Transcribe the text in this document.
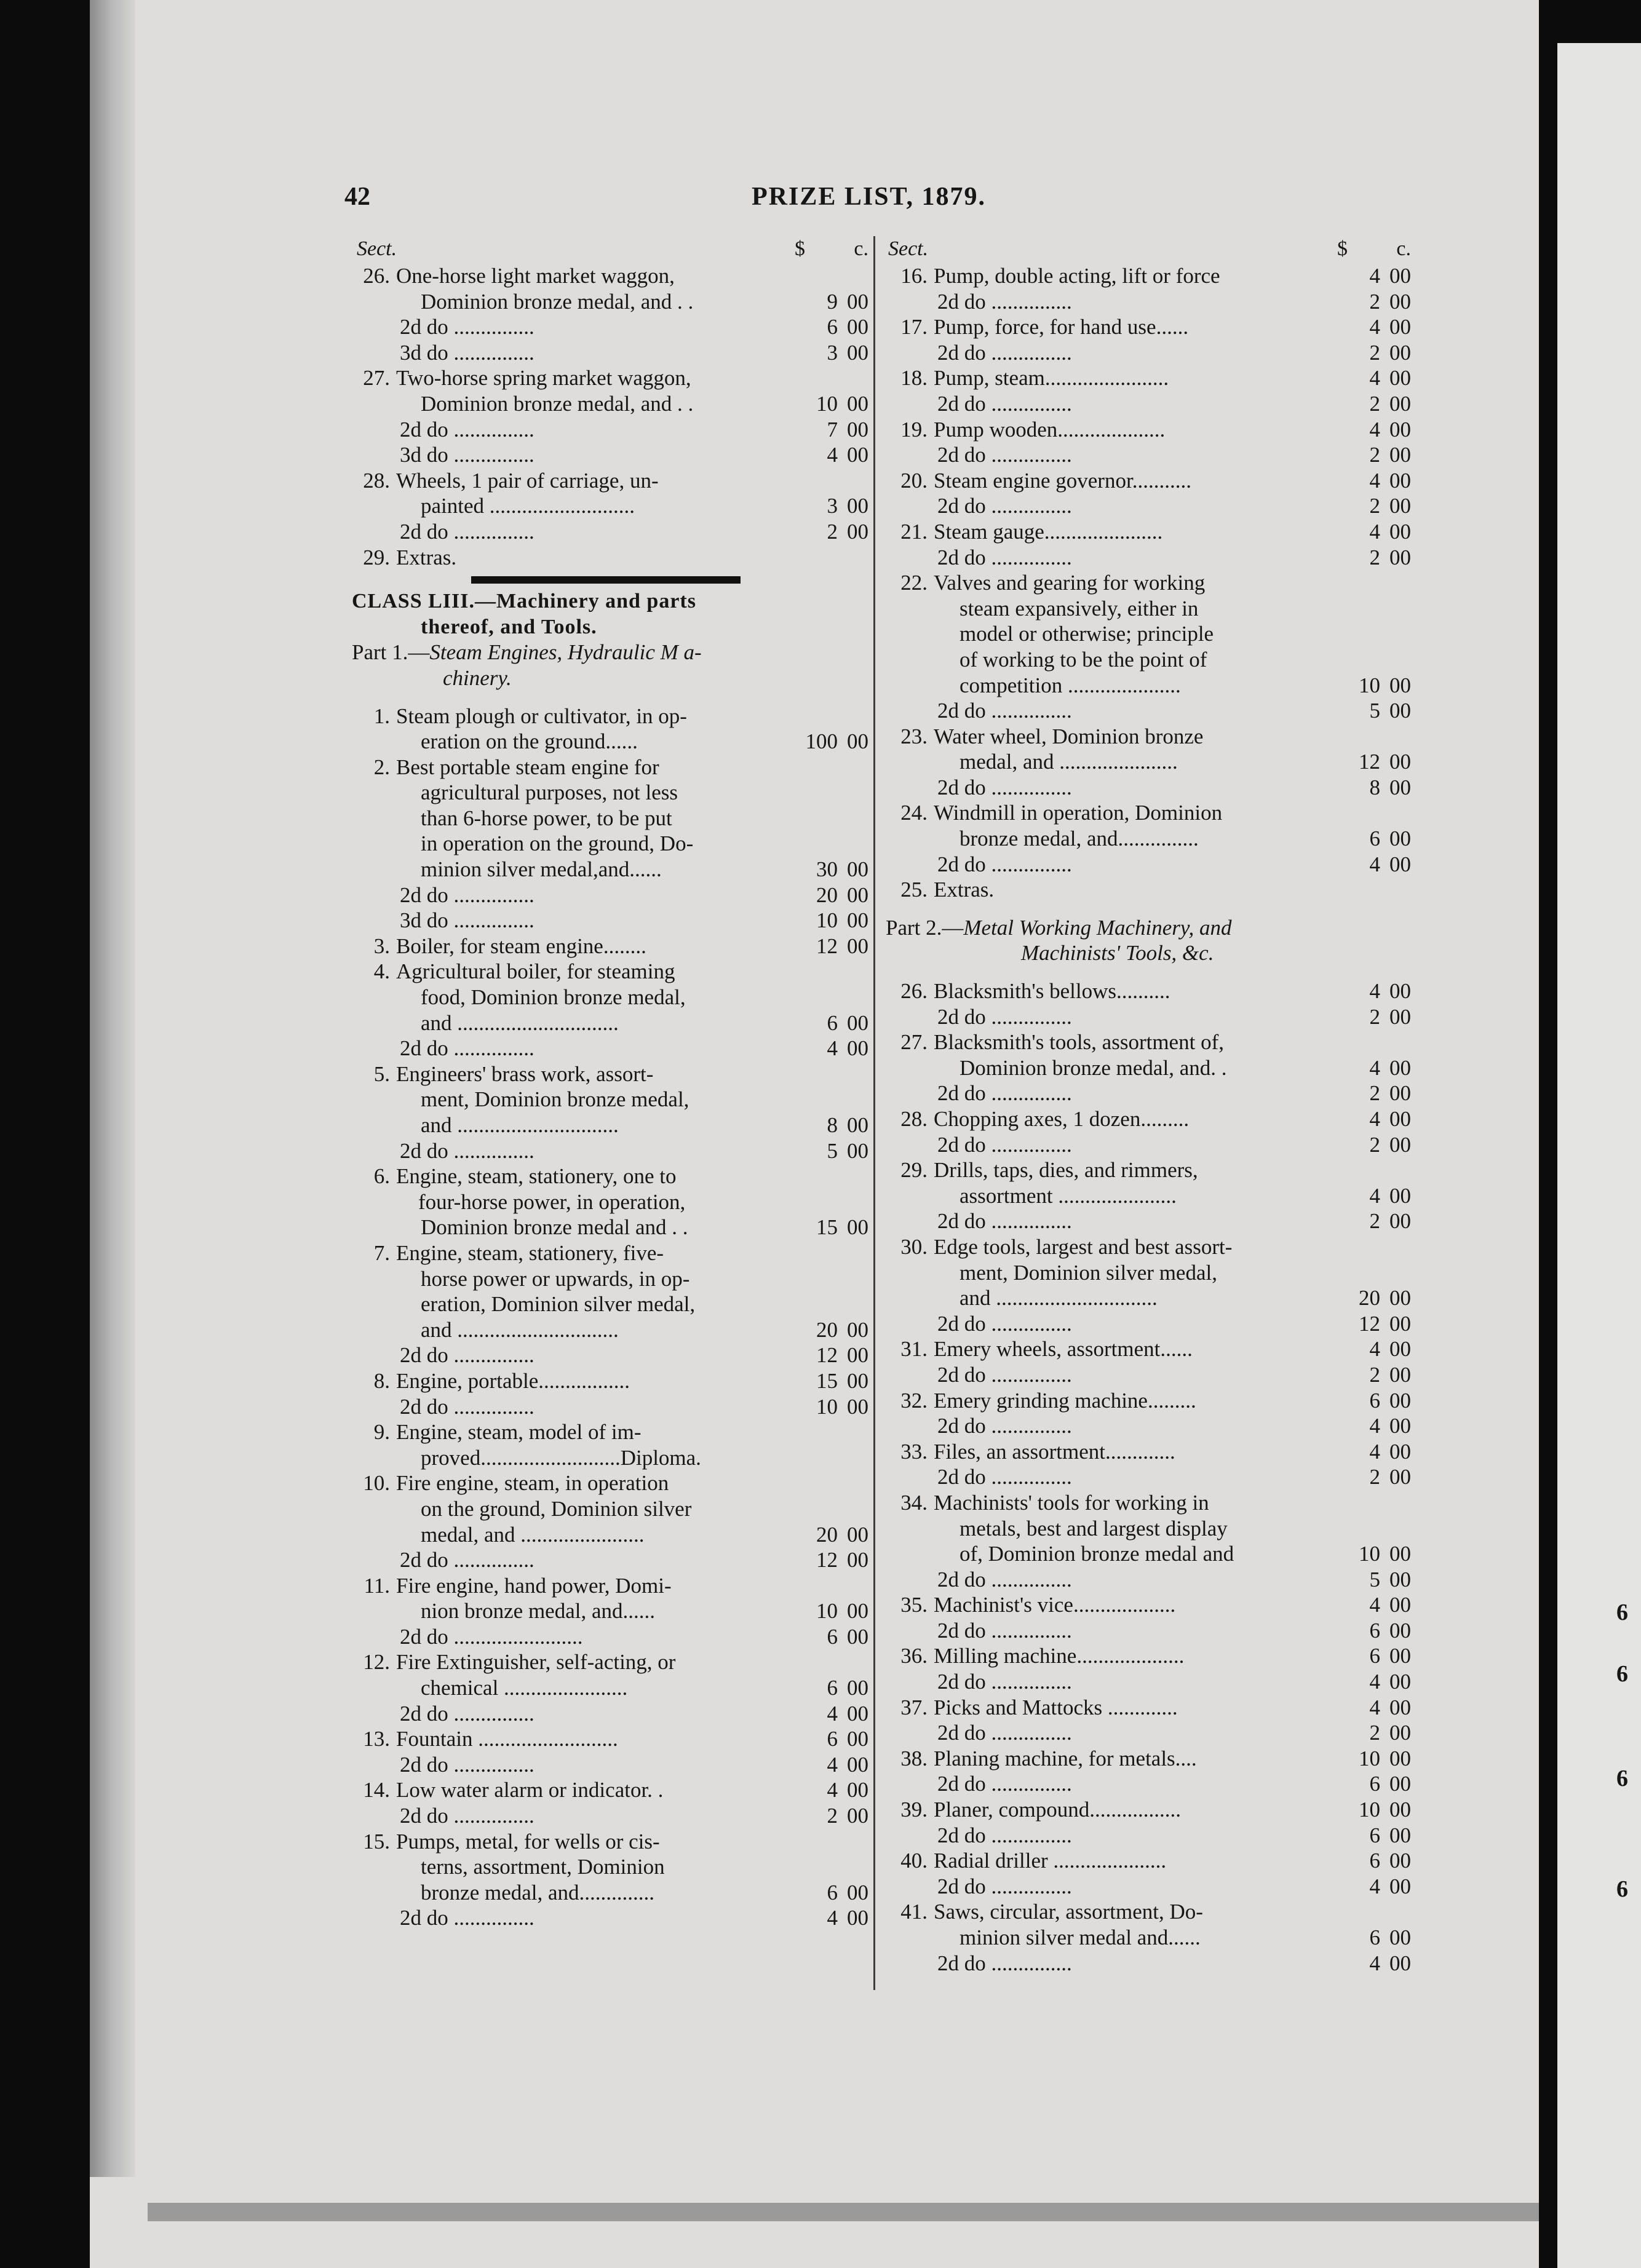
6
6
6
6
42	PRIZE LIST, 1879.
Sect.	$ c.
26. One-horse light market waggon,
Dominion bronze medal, and . .	9 00
2d do ...............	6 00
3d do ...............	3 00
27. Two-horse spring market waggon,
Dominion bronze medal, and . .	10 00
2d do ...............	7 00
3d do ...............	4 00
28. Wheels, 1 pair of carriage, un-
painted ...........................	3 00
2d do ...............	2 00
29. Extras.
CLASS LIII.—Machinery and parts
thereof, and Tools.
Part 1.—Steam Engines, Hydraulic M a-
chinery.
1. Steam plough or cultivator, in op-
eration on the ground......	100 00
2. Best portable steam engine for
agricultural purposes, not less
than 6-horse power, to be put
in operation on the ground, Do-
minion silver medal,and......	30 00
2d do ...............	20 00
3d do ...............	10 00
3. Boiler, for steam engine........	12 00
4. Agricultural boiler, for steaming
food, Dominion bronze medal,
and ..............................	6 00
2d do ...............	4 00
5. Engineers' brass work, assort-
ment, Dominion bronze medal,
and ..............................	8 00
2d do ...............	5 00
6. Engine, steam, stationery, one to
four-horse power, in operation,
Dominion bronze medal and . .	15 00
7. Engine, steam, stationery, five-
horse power or upwards, in op-
eration, Dominion silver medal,
and ..............................	20 00
2d do ...............	12 00
8. Engine, portable.................	15 00
2d do ...............	10 00
9. Engine, steam, model of im-
proved..........................Diploma.
10. Fire engine, steam, in operation
on the ground, Dominion silver
medal, and .......................	20 00
2d do ...............	12 00
11. Fire engine, hand power, Domi-
nion bronze medal, and......	10 00
2d do ........................	6 00
12. Fire Extinguisher, self-acting, or
chemical .......................	6 00
2d do ...............	4 00
13. Fountain ..........................	6 00
2d do ...............	4 00
14. Low water alarm or indicator. .	4 00
2d do ...............	2 00
15. Pumps, metal, for wells or cis-
terns, assortment, Dominion
bronze medal, and..............	6 00
2d do ...............	4 00
Sect.	$ c.
16. Pump, double acting, lift or force	4 00
2d do ...............	2 00
17. Pump, force, for hand use......	4 00
2d do ...............	2 00
18. Pump, steam.......................	4 00
2d do ...............	2 00
19. Pump wooden....................	4 00
2d do ...............	2 00
20. Steam engine governor...........	4 00
2d do ...............	2 00
21. Steam gauge......................	4 00
2d do ...............	2 00
22. Valves and gearing for working
steam expansively, either in
model or otherwise; principle
of working to be the point of
competition .....................	10 00
2d do ...............	5 00
23. Water wheel, Dominion bronze
medal, and ......................	12 00
2d do ...............	8 00
24. Windmill in operation, Dominion
bronze medal, and...............	6 00
2d do ...............	4 00
25. Extras.
Part 2.—Metal Working Machinery, and
Machinists' Tools, &c.
26. Blacksmith's bellows..........	4 00
2d do ...............	2 00
27. Blacksmith's tools, assortment of,
Dominion bronze medal, and. .	4 00
2d do ...............	2 00
28. Chopping axes, 1 dozen.........	4 00
2d do ...............	2 00
29. Drills, taps, dies, and rimmers,
assortment ......................	4 00
2d do ...............	2 00
30. Edge tools, largest and best assort-
ment, Dominion silver medal,
and ..............................	20 00
2d do ...............	12 00
31. Emery wheels, assortment......	4 00
2d do ...............	2 00
32. Emery grinding machine.........	6 00
2d do ...............	4 00
33. Files, an assortment.............	4 00
2d do ...............	2 00
34. Machinists' tools for working in
metals, best and largest display
of, Dominion bronze medal and	10 00
2d do ...............	5 00
35. Machinist's vice...................	4 00
2d do ...............	6 00
36. Milling machine....................	6 00
2d do ...............	4 00
37. Picks and Mattocks .............	4 00
2d do ...............	2 00
38. Planing machine, for metals....	10 00
2d do ...............	6 00
39. Planer, compound.................	10 00
2d do ...............	6 00
40. Radial driller .....................	6 00
2d do ...............	4 00
41. Saws, circular, assortment, Do-
minion silver medal and......	6 00
2d do ...............	4 00
